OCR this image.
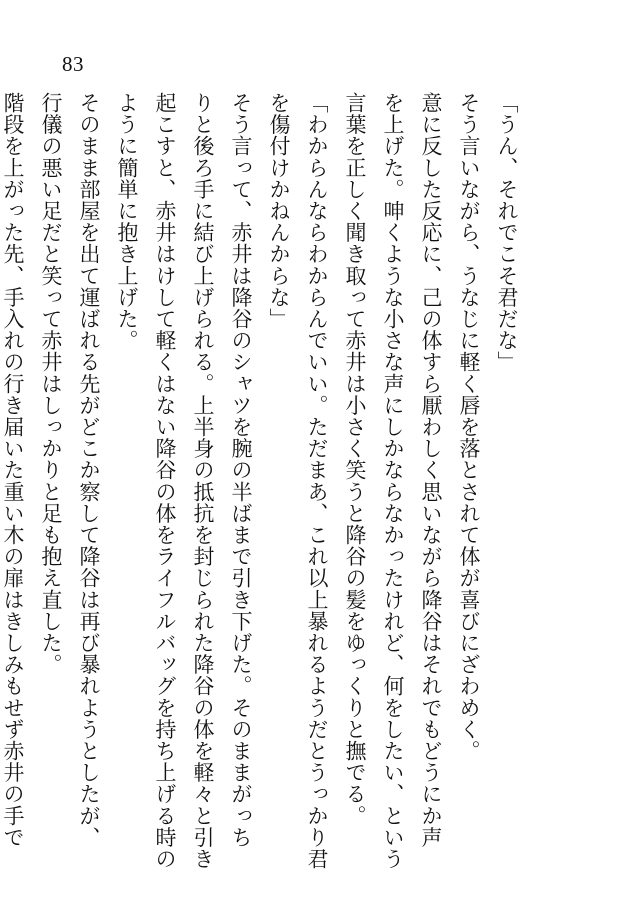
83
「うん、それでこそ君だな」
そう言いながら、うなじに軽く唇を落とされて体が喜びにざわめく。
意に反した反応に、己の体すら厭わしく思いながら降谷はそれでもどうにか声
を上げた。呻くような小さな声にしかならなかったけれど、何をしたい、という
言葉を正しく聞き取って赤井は小さく笑うと降谷の髪をゆっくりと撫でる。
「わからんならわからんでいい。ただまあ、これ以上暴れるようだとうっかり君
を傷付けかねんからな」
そう言って、赤井は降谷のシャツを腕の半ばまで引き下げた。そのままがっち
りと後ろ手に結び上げられる。上半身の抵抗を封じられた降谷の体を軽々と引き
起こすと、赤井はけして軽くはない降谷の体をライフルバッグを持ち上げる時の
ように簡単に抱き上げた。
そのまま部屋を出て運ばれる先がどこか察して降谷は再び暴れようとしたが、
行儀の悪い足だと笑って赤井はしっかりと足も抱え直した。
階段を上がった先、手入れの行き届いた重い木の扉はきしみもせず赤井の手で
